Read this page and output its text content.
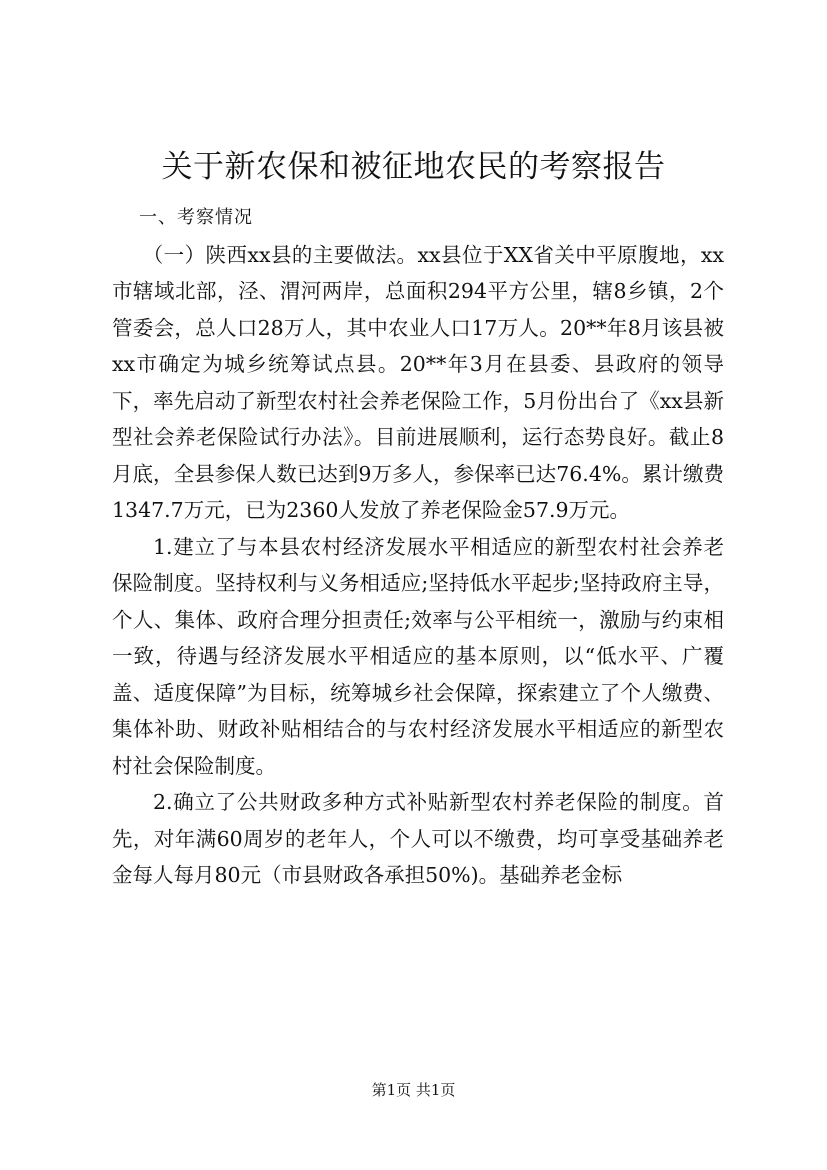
关于新农保和被征地农民的考察报告

一、考察情况

（一）陕西xx县的主要做法。xx县位于XX省关中平原腹地，xx市辖域北部，泾、渭河两岸，总面积294平方公里，辖8乡镇，2个管委会，总人口28万人，其中农业人口17万人。20**年8月该县被xx市确定为城乡统筹试点县。20**年3月在县委、县政府的领导下，率先启动了新型农村社会养老保险工作，5月份出台了《xx县新型社会养老保险试行办法》。目前进展顺利，运行态势良好。截止8月底，全县参保人数已达到9万多人，参保率已达76.4%。累计缴费1347.7万元，已为2360人发放了养老保险金57.9万元。

1.建立了与本县农村经济发展水平相适应的新型农村社会养老保险制度。坚持权利与义务相适应;坚持低水平起步;坚持政府主导，个人、集体、政府合理分担责任;效率与公平相统一，激励与约束相一致，待遇与经济发展水平相适应的基本原则，以“低水平、广覆盖、适度保障”为目标，统筹城乡社会保障，探索建立了个人缴费、集体补助、财政补贴相结合的与农村经济发展水平相适应的新型农村社会保险制度。

2.确立了公共财政多种方式补贴新型农村养老保险的制度。首先，对年满60周岁的老年人，个人可以不缴费，均可享受基础养老金每人每月80元（市县财政各承担50%)。基础养老金标

第1页 共1页
